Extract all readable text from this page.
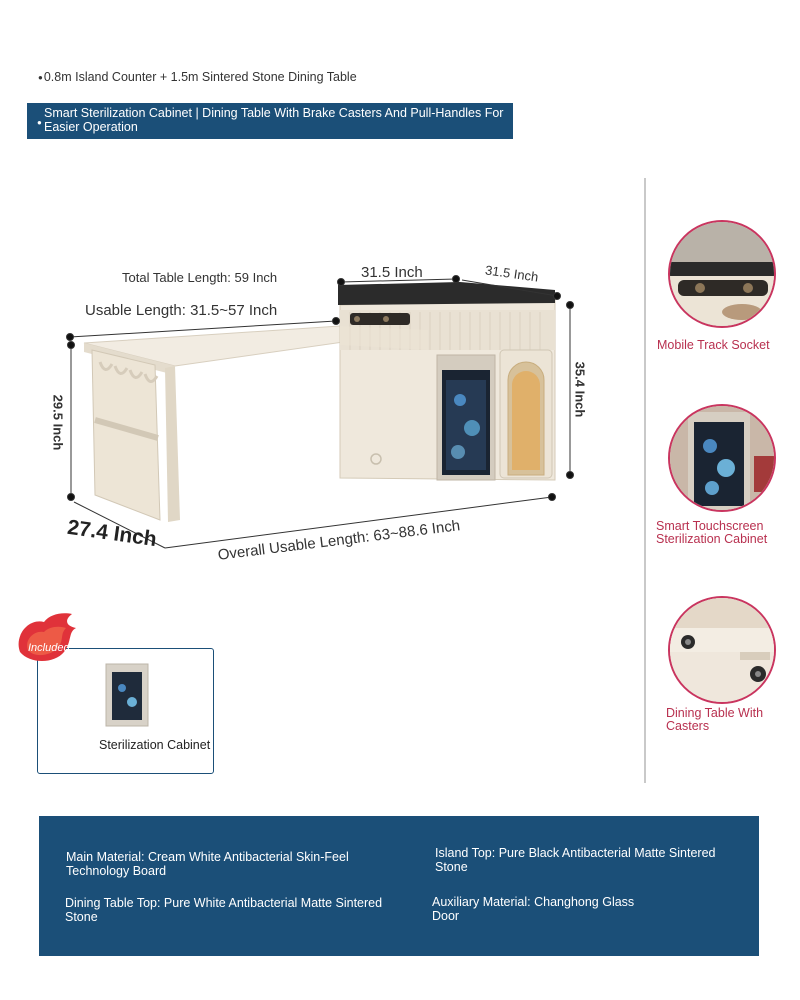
●0.8m Island Counter + 1.5m Sintered Stone Dining Table
●
Smart Sterilization Cabinet | Dining Table With Brake Casters And Pull-Handles For Easier Operation
Total Table Length: 59 Inch
Usable Length: 31.5~57 Inch
31.5 Inch	31.5 Inch
35.4 Inch
29.5 Inch
27.4 Inch	Overall Usable Length: 63~88.6 Inch
Mobile Track Socket
Smart Touchscreen Sterilization Cabinet
Dining Table With Casters
Included
Sterilization Cabinet
Main Material: Cream White Antibacterial Skin-Feel Technology Board
Island Top: Pure Black Antibacterial Matte Sintered Stone
Dining Table Top: Pure White Antibacterial Matte Sintered Stone
Auxiliary Material: Changhong Glass Door
